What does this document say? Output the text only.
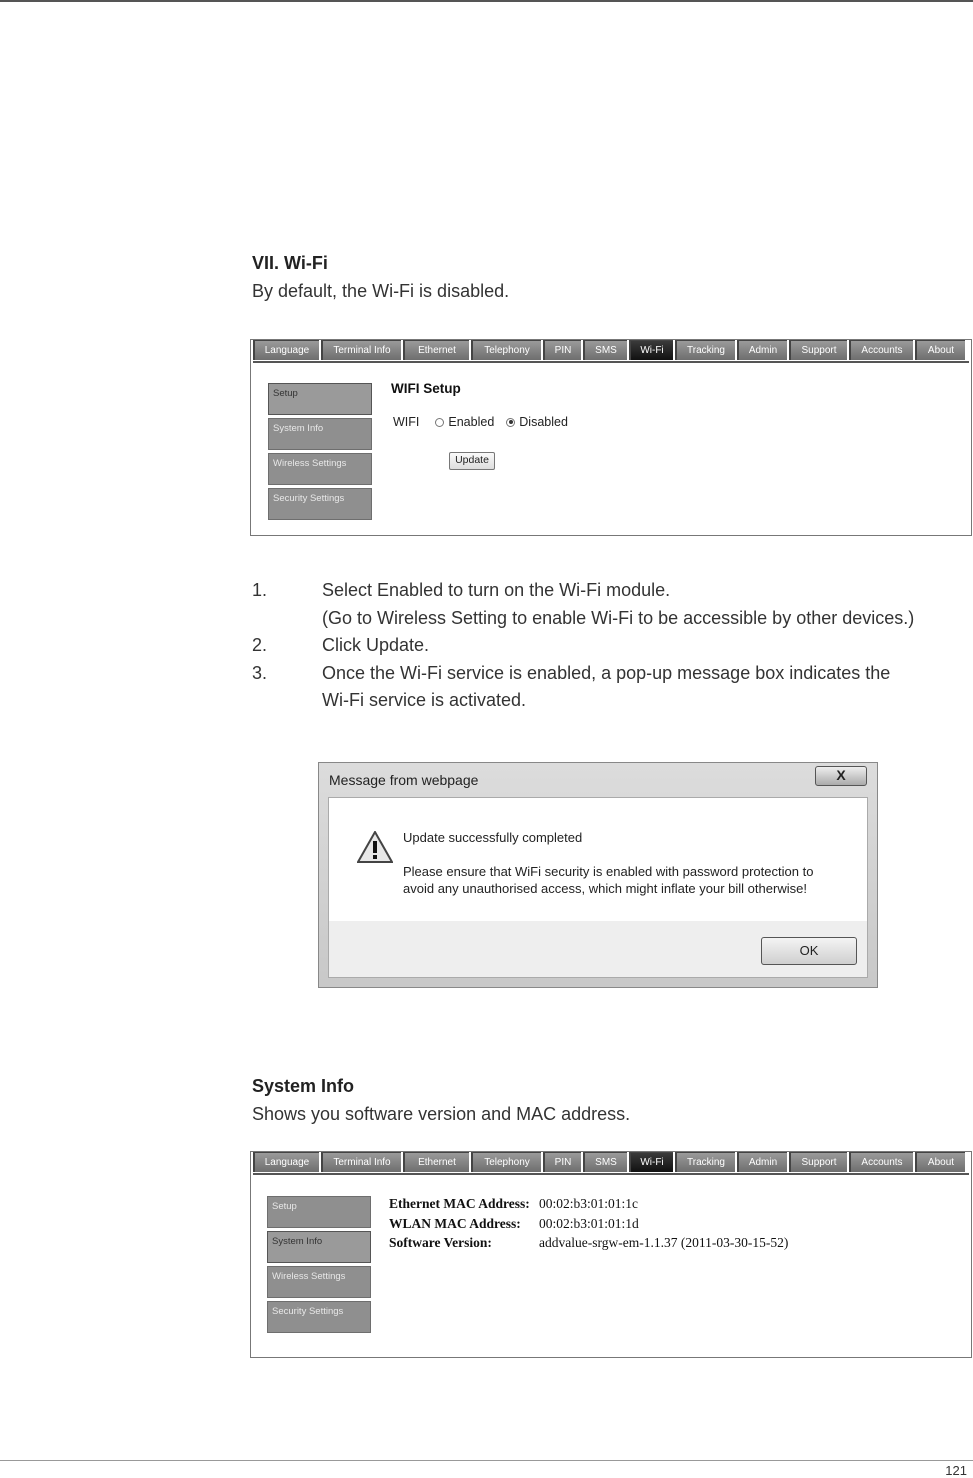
VII. Wi-Fi
By default, the Wi-Fi is disabled.
Language	Terminal Info	Ethernet	Telephony	PIN	SMS	Wi-Fi	Tracking	Admin	Support	Accounts	About
Setup
System Info
Wireless Settings
Security Settings
WIFI Setup
WIFI Enabled Disabled
Update
1.	Select Enabled to turn on the Wi-Fi module.
(Go to Wireless Setting to enable Wi-Fi to be accessible by other devices.)
2.	Click Update.
3.	Once the Wi-Fi service is enabled, a pop-up message box indicates the
Wi-Fi service is activated.
Message from webpage	X
Update successfully completed
Please ensure that WiFi security is enabled with password protection to avoid any unauthorised access, which might inflate your bill otherwise!
OK
System Info
Shows you software version and MAC address.
Language	Terminal Info	Ethernet	Telephony	PIN	SMS	Wi-Fi	Tracking	Admin	Support	Accounts	About
Setup
System Info
Wireless Settings
Security Settings
Ethernet MAC Address: 00:02:b3:01:01:1c
WLAN MAC Address:	00:02:b3:01:01:1d
Software Version:	addvalue-srgw-em-1.1.37 (2011-03-30-15-52)
121
